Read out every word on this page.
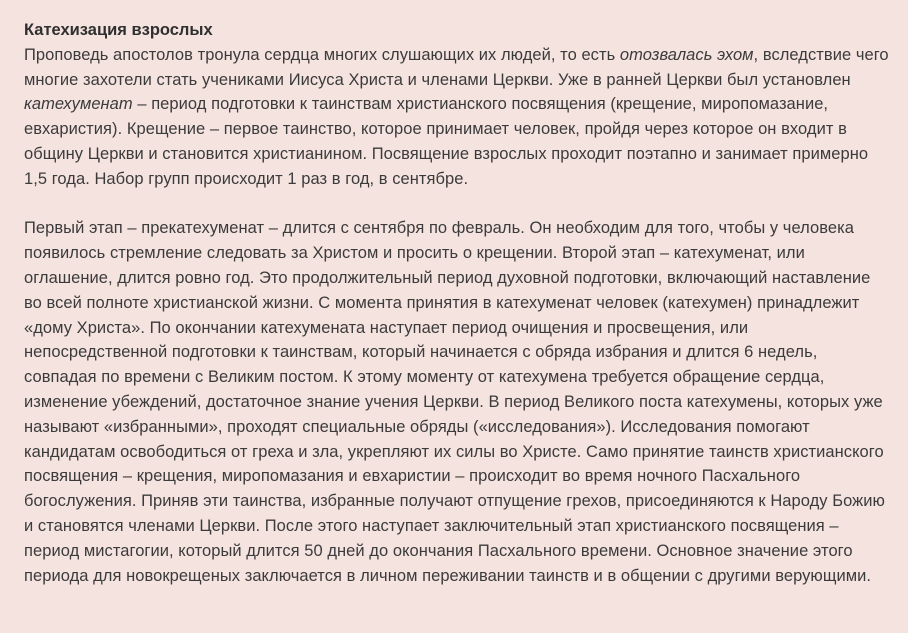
Катехизация взрослых

Проповедь апостолов тронула сердца многих слушающих их людей, то есть отозвалась эхом, вследствие чего многие захотели стать учениками Иисуса Христа и членами Церкви. Уже в ранней Церкви был установлен катехуменат – период подготовки к таинствам христианского посвящения (крещение, миропомазание, евхаристия). Крещение – первое таинство, которое принимает человек, пройдя через которое он входит в общину Церкви и становится христианином. Посвящение взрослых проходит поэтапно и занимает примерно 1,5 года. Набор групп происходит 1 раз в год, в сентябре.

Первый этап – прекатехуменат – длится с сентября по февраль. Он необходим для того, чтобы у человека появилось стремление следовать за Христом и просить о крещении. Второй этап – катехуменат, или оглашение, длится ровно год. Это продолжительный период духовной подготовки, включающий наставление во всей полноте христианской жизни. С момента принятия в катехуменат человек (катехумен) принадлежит «дому Христа». По окончании катехумената наступает период очищения и просвещения, или непосредственной подготовки к таинствам, который начинается с обряда избрания и длится 6 недель, совпадая по времени с Великим постом. К этому моменту от катехумена требуется обращение сердца, изменение убеждений, достаточное знание учения Церкви. В период Великого поста катехумены, которых уже называют «избранными», проходят специальные обряды («исследования»). Исследования помогают кандидатам освободиться от греха и зла, укрепляют их силы во Христе. Само принятие таинств христианского посвящения – крещения, миропомазания и евхаристии – происходит во время ночного Пасхального богослужения. Приняв эти таинства, избранные получают отпущение грехов, присоединяются к Народу Божию и становятся членами Церкви. После этого наступает заключительный этап христианского посвящения – период мистагогии, который длится 50 дней до окончания Пасхального времени. Основное значение этого периода для новокрещеных заключается в личном переживании таинств и в общении с другими верующими.
